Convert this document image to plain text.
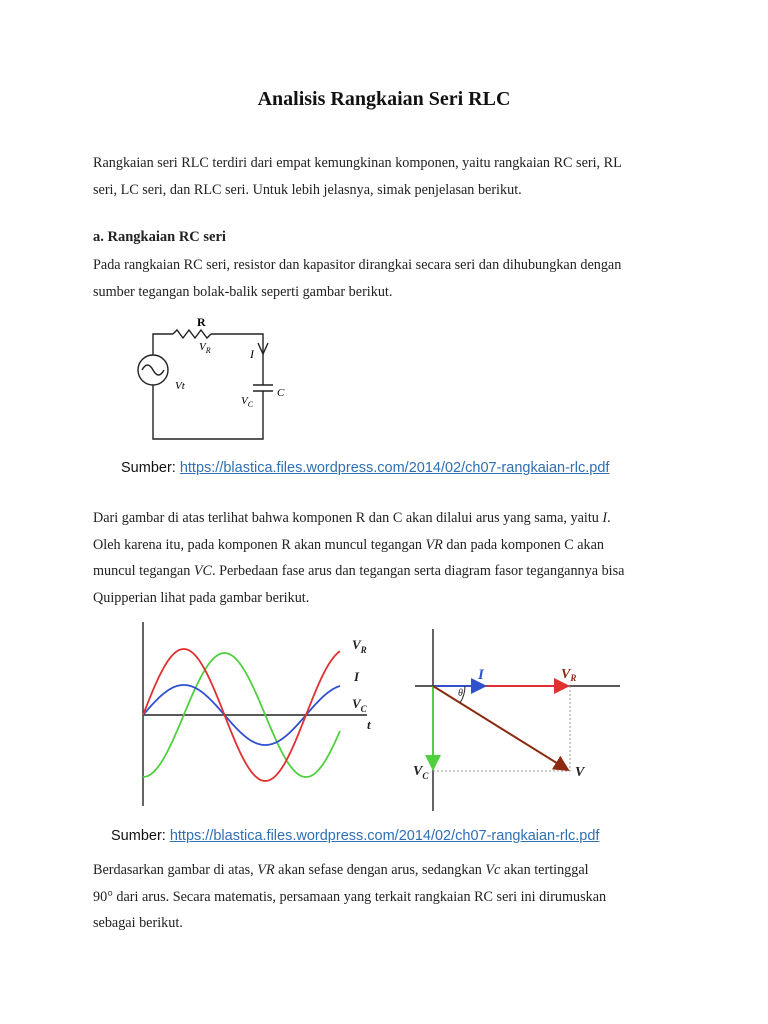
Analisis Rangkaian Seri RLC

Rangkaian seri RLC terdiri dari empat kemungkinan komponen, yaitu rangkaian RC seri, RL
seri, LC seri, dan RLC seri. Untuk lebih jelasnya, simak penjelasan berikut.

a. Rangkaian RC seri

Pada rangkaian RC seri, resistor dan kapasitor dirangkai secara seri dan dihubungkan dengan
sumber tegangan bolak-balik seperti gambar berikut.

R
$V_R$	I
Vt
C
$V_C$
Sumber: https://blastica.files.wordpress.com/2014/02/ch07-rangkaian-rlc.pdf

Dari gambar di atas terlihat bahwa komponen R dan C akan dilalui arus yang sama, yaitu I.
Oleh karena itu, pada komponen R akan muncul tegangan VR dan pada komponen C akan
muncul tegangan VC. Perbedaan fase arus dan tegangan serta diagram fasor tegangannya bisa
Quipperian lihat pada gambar berikut.

$V_R$
I
$V_C$
t
I	$V_R$
θ
$V_C$	V
Sumber: https://blastica.files.wordpress.com/2014/02/ch07-rangkaian-rlc.pdf

Berdasarkan gambar di atas, VR akan sefase dengan arus, sedangkan Vc akan tertinggal
90° dari arus. Secara matematis, persamaan yang terkait rangkaian RC seri ini dirumuskan
sebagai berikut.
